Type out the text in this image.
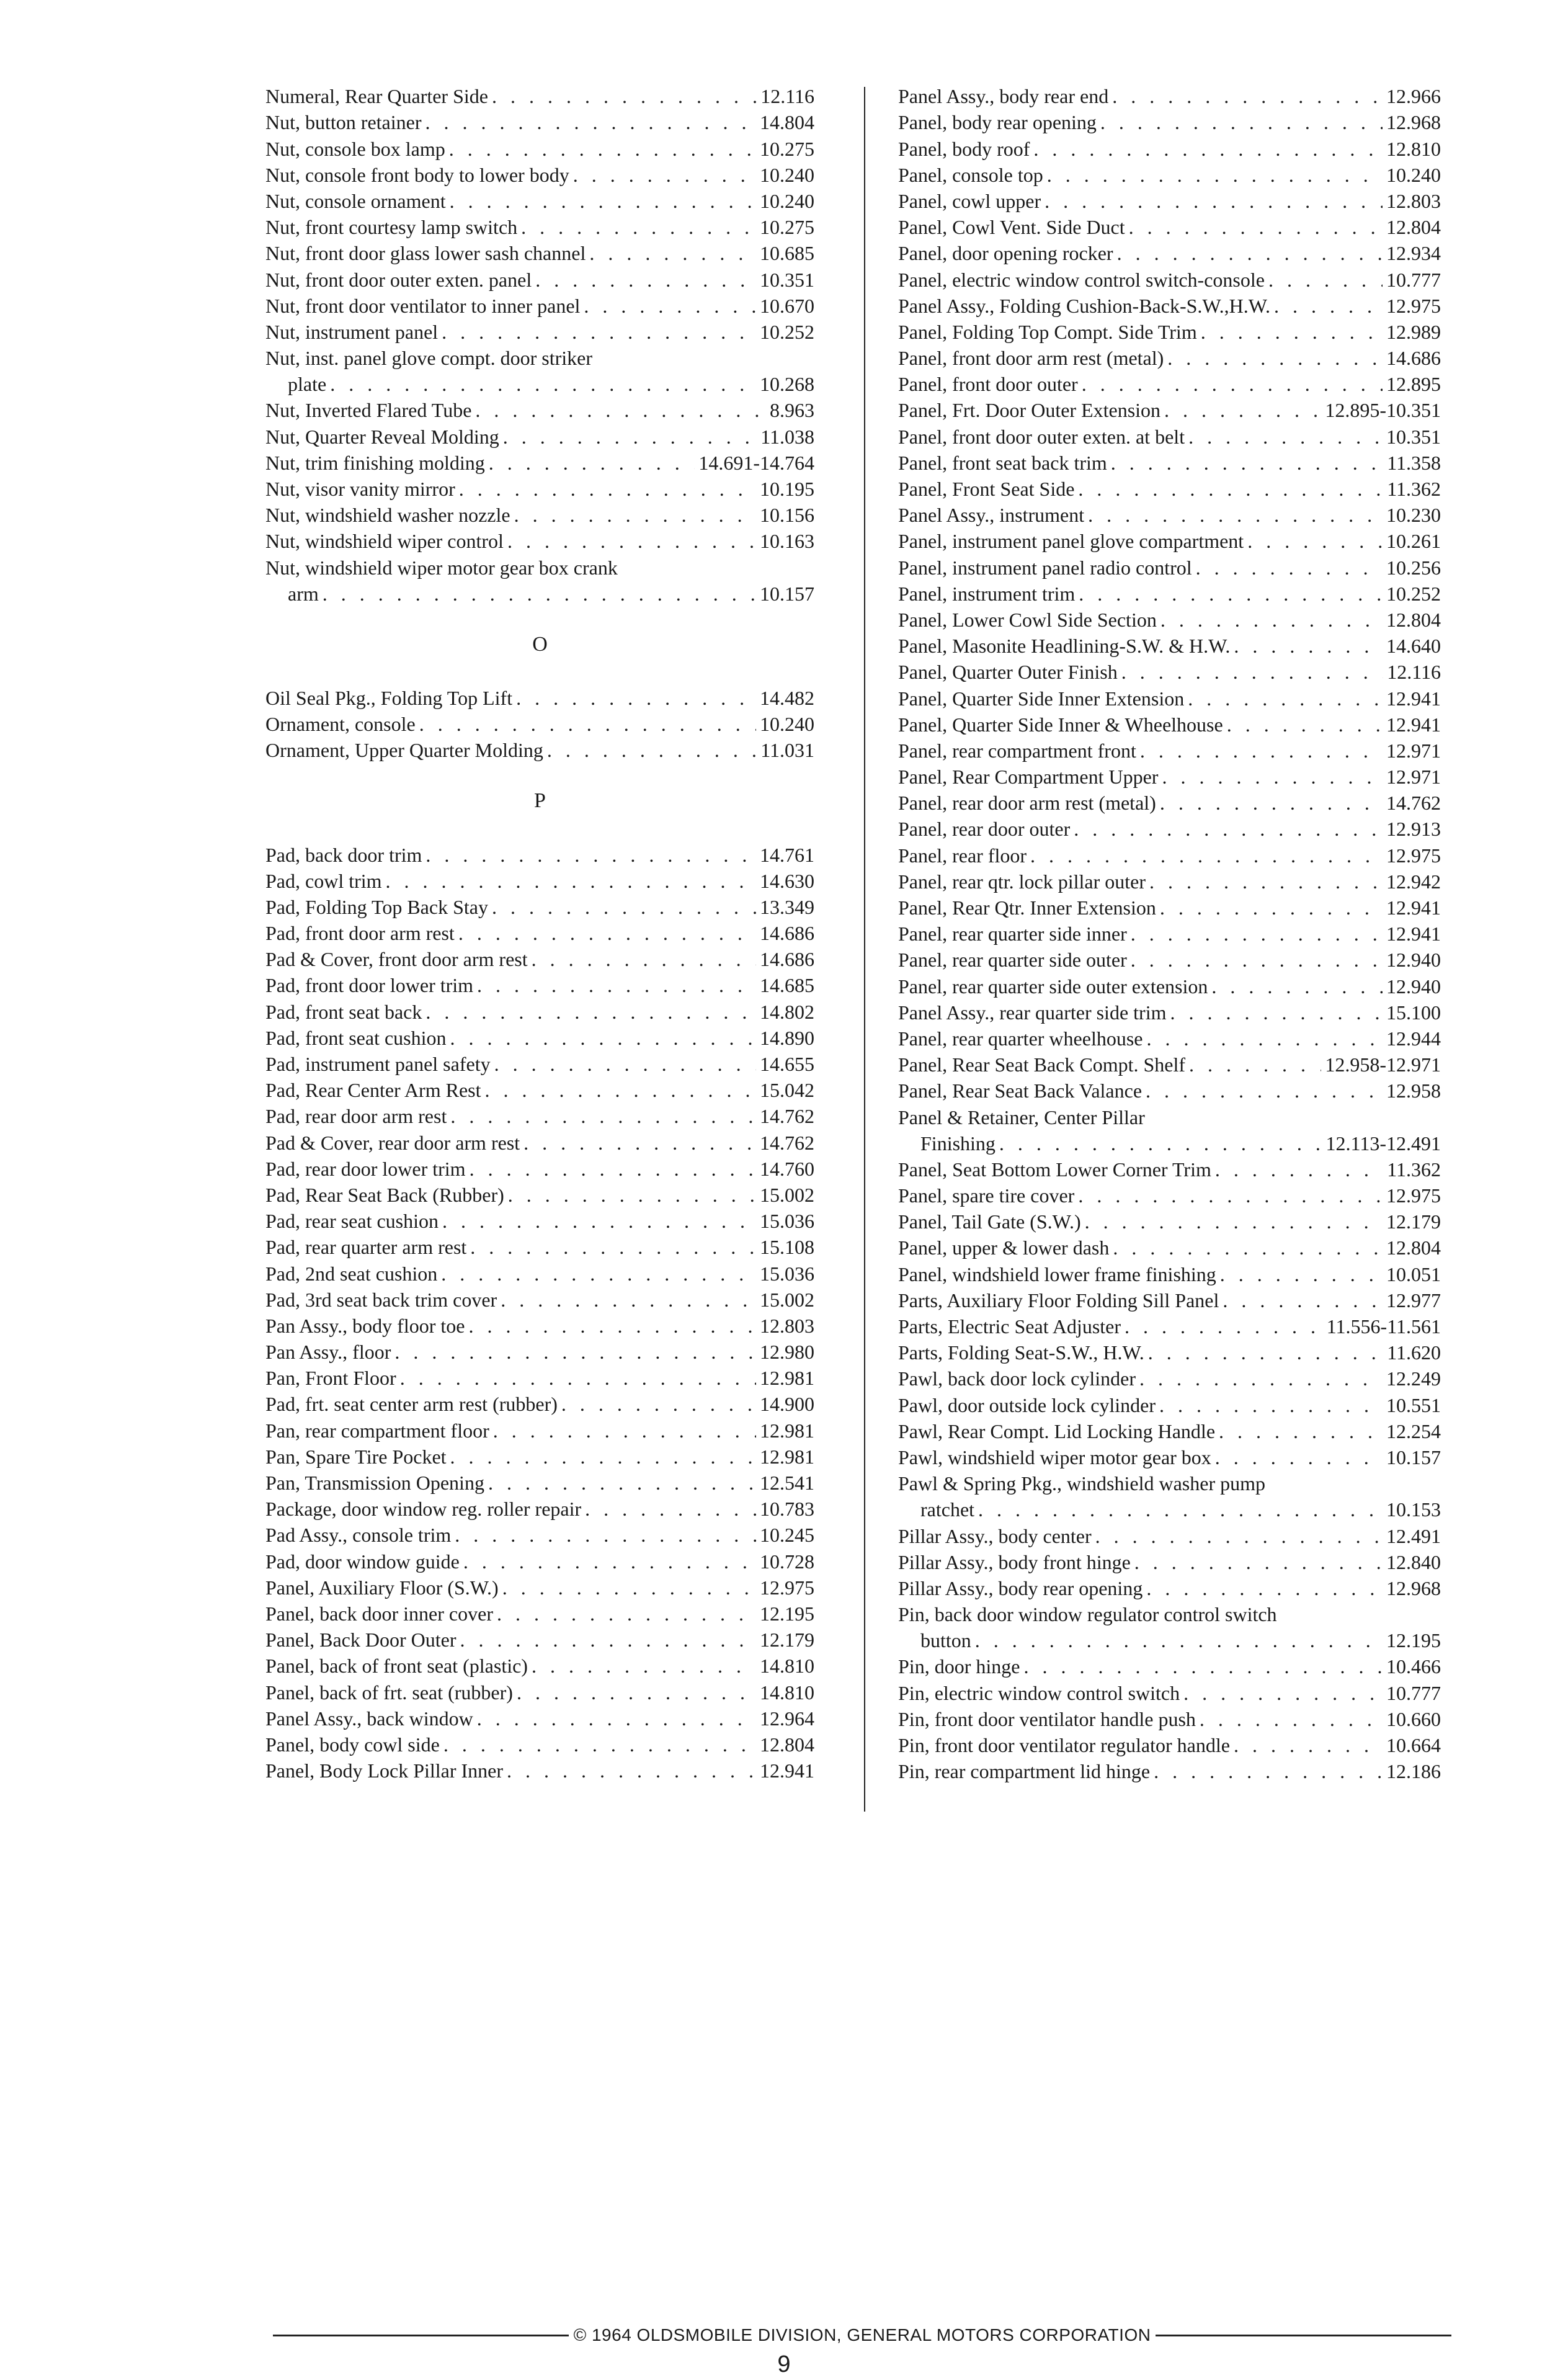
Numeral, Rear Quarter Side . . .	12.116
Nut, button retainer . . .	14.804
Nut, console box lamp . . .	10.275
Nut, console front body to lower body . . .	10.240
Nut, console ornament . . .	10.240
Nut, front courtesy lamp switch . . .	10.275
Nut, front door glass lower sash channel . . .	10.685
Nut, front door outer exten. panel . . .	10.351
Nut, front door ventilator to inner panel . . .	10.670
Nut, instrument panel . . .	10.252
Nut, inst. panel glove compt. door striker
plate . . .	10.268
Nut, Inverted Flared Tube . . .	8.963
Nut, Quarter Reveal Molding . . .	11.038
Nut, trim finishing molding . . .	14.691-14.764
Nut, visor vanity mirror . . .	10.195
Nut, windshield washer nozzle . . .	10.156
Nut, windshield wiper control . . .	10.163
Nut, windshield wiper motor gear box crank
arm . . .	10.157
O
Oil Seal Pkg., Folding Top Lift . . .	14.482
Ornament, console . . .	10.240
Ornament, Upper Quarter Molding . . .	11.031
P
Pad, back door trim . . .	14.761
Pad, cowl trim . . .	14.630
Pad, Folding Top Back Stay . . .	13.349
Pad, front door arm rest . . .	14.686
Pad & Cover, front door arm rest . . .	14.686
Pad, front door lower trim . . .	14.685
Pad, front seat back . . .	14.802
Pad, front seat cushion . . .	14.890
Pad, instrument panel safety . . .	14.655
Pad, Rear Center Arm Rest . . .	15.042
Pad, rear door arm rest . . .	14.762
Pad & Cover, rear door arm rest . . .	14.762
Pad, rear door lower trim . . .	14.760
Pad, Rear Seat Back (Rubber) . . .	15.002
Pad, rear seat cushion . . .	15.036
Pad, rear quarter arm rest . . .	15.108
Pad, 2nd seat cushion . . .	15.036
Pad, 3rd seat back trim cover . . .	15.002
Pan Assy., body floor toe . . .	12.803
Pan Assy., floor . . .	12.980
Pan, Front Floor . . .	12.981
Pad, frt. seat center arm rest (rubber) . . .	14.900
Pan, rear compartment floor . . .	12.981
Pan, Spare Tire Pocket . . .	12.981
Pan, Transmission Opening . . .	12.541
Package, door window reg. roller repair . . .	10.783
Pad Assy., console trim . . .	10.245
Pad, door window guide . . .	10.728
Panel, Auxiliary Floor (S.W.) . . .	12.975
Panel, back door inner cover . . .	12.195
Panel, Back Door Outer . . .	12.179
Panel, back of front seat (plastic) . . .	14.810
Panel, back of frt. seat (rubber) . . .	14.810
Panel Assy., back window . . .	12.964
Panel, body cowl side . . .	12.804
Panel, Body Lock Pillar Inner . . .	12.941
Panel Assy., body rear end . . .	12.966
Panel, body rear opening . . .	12.968
Panel, body roof . . .	12.810
Panel, console top . . .	10.240
Panel, cowl upper . . .	12.803
Panel, Cowl Vent. Side Duct . . .	12.804
Panel, door opening rocker . . .	12.934
Panel, electric window control switch-console . . .	10.777
Panel Assy., Folding Cushion-Back-S.W.,H.W. . . .	12.975
Panel, Folding Top Compt. Side Trim . . .	12.989
Panel, front door arm rest (metal) . . .	14.686
Panel, front door outer . . .	12.895
Panel, Frt. Door Outer Extension . . .	12.895-10.351
Panel, front door outer exten. at belt . . .	10.351
Panel, front seat back trim . . .	11.358
Panel, Front Seat Side . . .	11.362
Panel Assy., instrument . . .	10.230
Panel, instrument panel glove compartment . . .	10.261
Panel, instrument panel radio control . . .	10.256
Panel, instrument trim . . .	10.252
Panel, Lower Cowl Side Section . . .	12.804
Panel, Masonite Headlining-S.W. & H.W. . . .	14.640
Panel, Quarter Outer Finish . . .	12.116
Panel, Quarter Side Inner Extension . . .	12.941
Panel, Quarter Side Inner & Wheelhouse . . .	12.941
Panel, rear compartment front . . .	12.971
Panel, Rear Compartment Upper . . .	12.971
Panel, rear door arm rest (metal) . . .	14.762
Panel, rear door outer . . .	12.913
Panel, rear floor . . .	12.975
Panel, rear qtr. lock pillar outer . . .	12.942
Panel, Rear Qtr. Inner Extension . . .	12.941
Panel, rear quarter side inner . . .	12.941
Panel, rear quarter side outer . . .	12.940
Panel, rear quarter side outer extension . . .	12.940
Panel Assy., rear quarter side trim . . .	15.100
Panel, rear quarter wheelhouse . . .	12.944
Panel, Rear Seat Back Compt. Shelf . . .	12.958-12.971
Panel, Rear Seat Back Valance . . .	12.958
Panel & Retainer, Center Pillar
Finishing . . .	12.113-12.491
Panel, Seat Bottom Lower Corner Trim . . .	11.362
Panel, spare tire cover . . .	12.975
Panel, Tail Gate (S.W.) . . .	12.179
Panel, upper & lower dash . . .	12.804
Panel, windshield lower frame finishing . . .	10.051
Parts, Auxiliary Floor Folding Sill Panel . . .	12.977
Parts, Electric Seat Adjuster . . .	11.556-11.561
Parts, Folding Seat-S.W., H.W. . . .	11.620
Pawl, back door lock cylinder . . .	12.249
Pawl, door outside lock cylinder . . .	10.551
Pawl, Rear Compt. Lid Locking Handle . . .	12.254
Pawl, windshield wiper motor gear box . . .	10.157
Pawl & Spring Pkg., windshield washer pump
ratchet . . .	10.153
Pillar Assy., body center . . .	12.491
Pillar Assy., body front hinge . . .	12.840
Pillar Assy., body rear opening . . .	12.968
Pin, back door window regulator control switch
button . . .	12.195
Pin, door hinge . . .	10.466
Pin, electric window control switch . . .	10.777
Pin, front door ventilator handle push . . .	10.660
Pin, front door ventilator regulator handle . . .	10.664
Pin, rear compartment lid hinge . . .	12.186
© 1964 OLDSMOBILE DIVISION, GENERAL MOTORS CORPORATION
9
